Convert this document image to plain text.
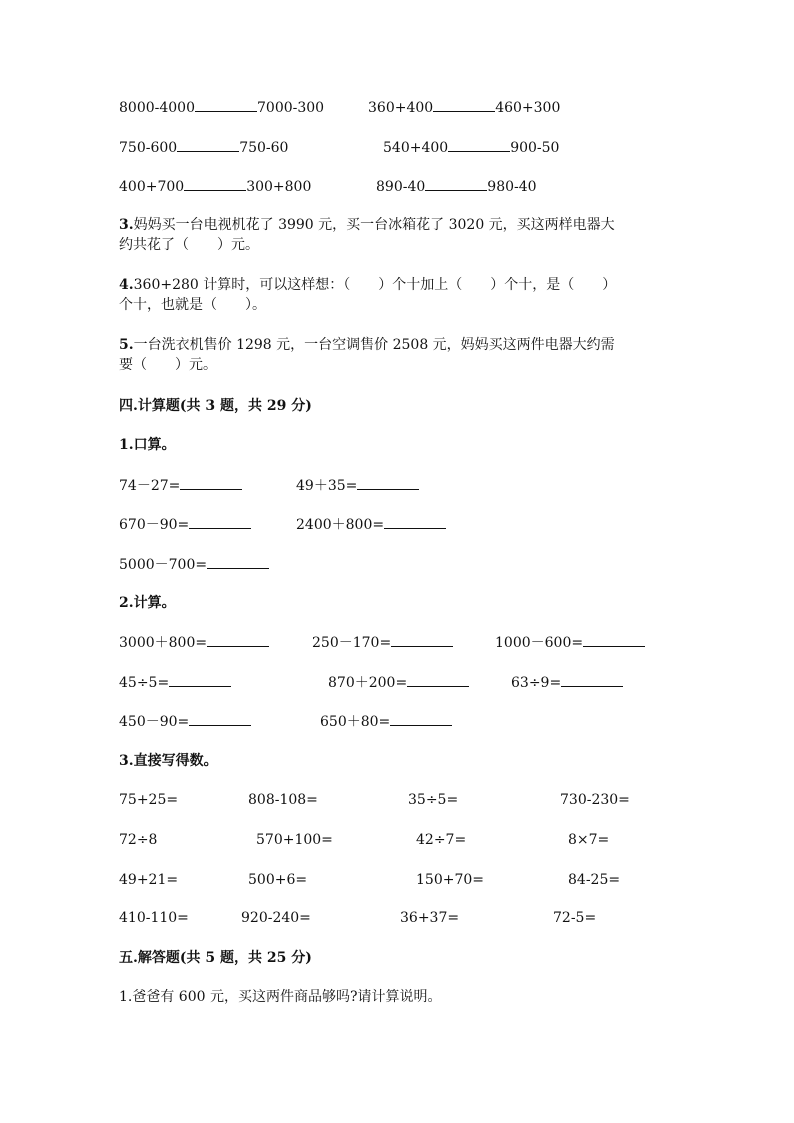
8000-4000	7000-300	360+400	460+300
750-600	750-60	540+400	900-50
400+700	300+800	890-40	980-40
3.妈妈买一台电视机花了 3990 元，买一台冰箱花了 3020 元，买这两样电器大
约共花了（　　）元。
4.360+280 计算时，可以这样想：（　　）个十加上（　　）个十，是（　　）
个十，也就是（　　）。
5.一台洗衣机售价 1298 元，一台空调售价 2508 元，妈妈买这两件电器大约需
要（　　）元。
四.计算题(共 3 题，共 29 分)
1.口算。
74－27=	49＋35=
670－90=	2400＋800=
5000－700=
2.计算。
3000＋800=	250－170=	1000－600=
45÷5=	870＋200=	63÷9=
450－90=	650＋80=
3.直接写得数。
75+25=	808-108=	35÷5=	730-230=
72÷8	570+100=	42÷7=	8×7=
49+21=	500+6=	150+70=	84-25=
410-110=	920-240=	36+37=	72-5=
五.解答题(共 5 题，共 25 分)
1.爸爸有 600 元，买这两件商品够吗?请计算说明。
